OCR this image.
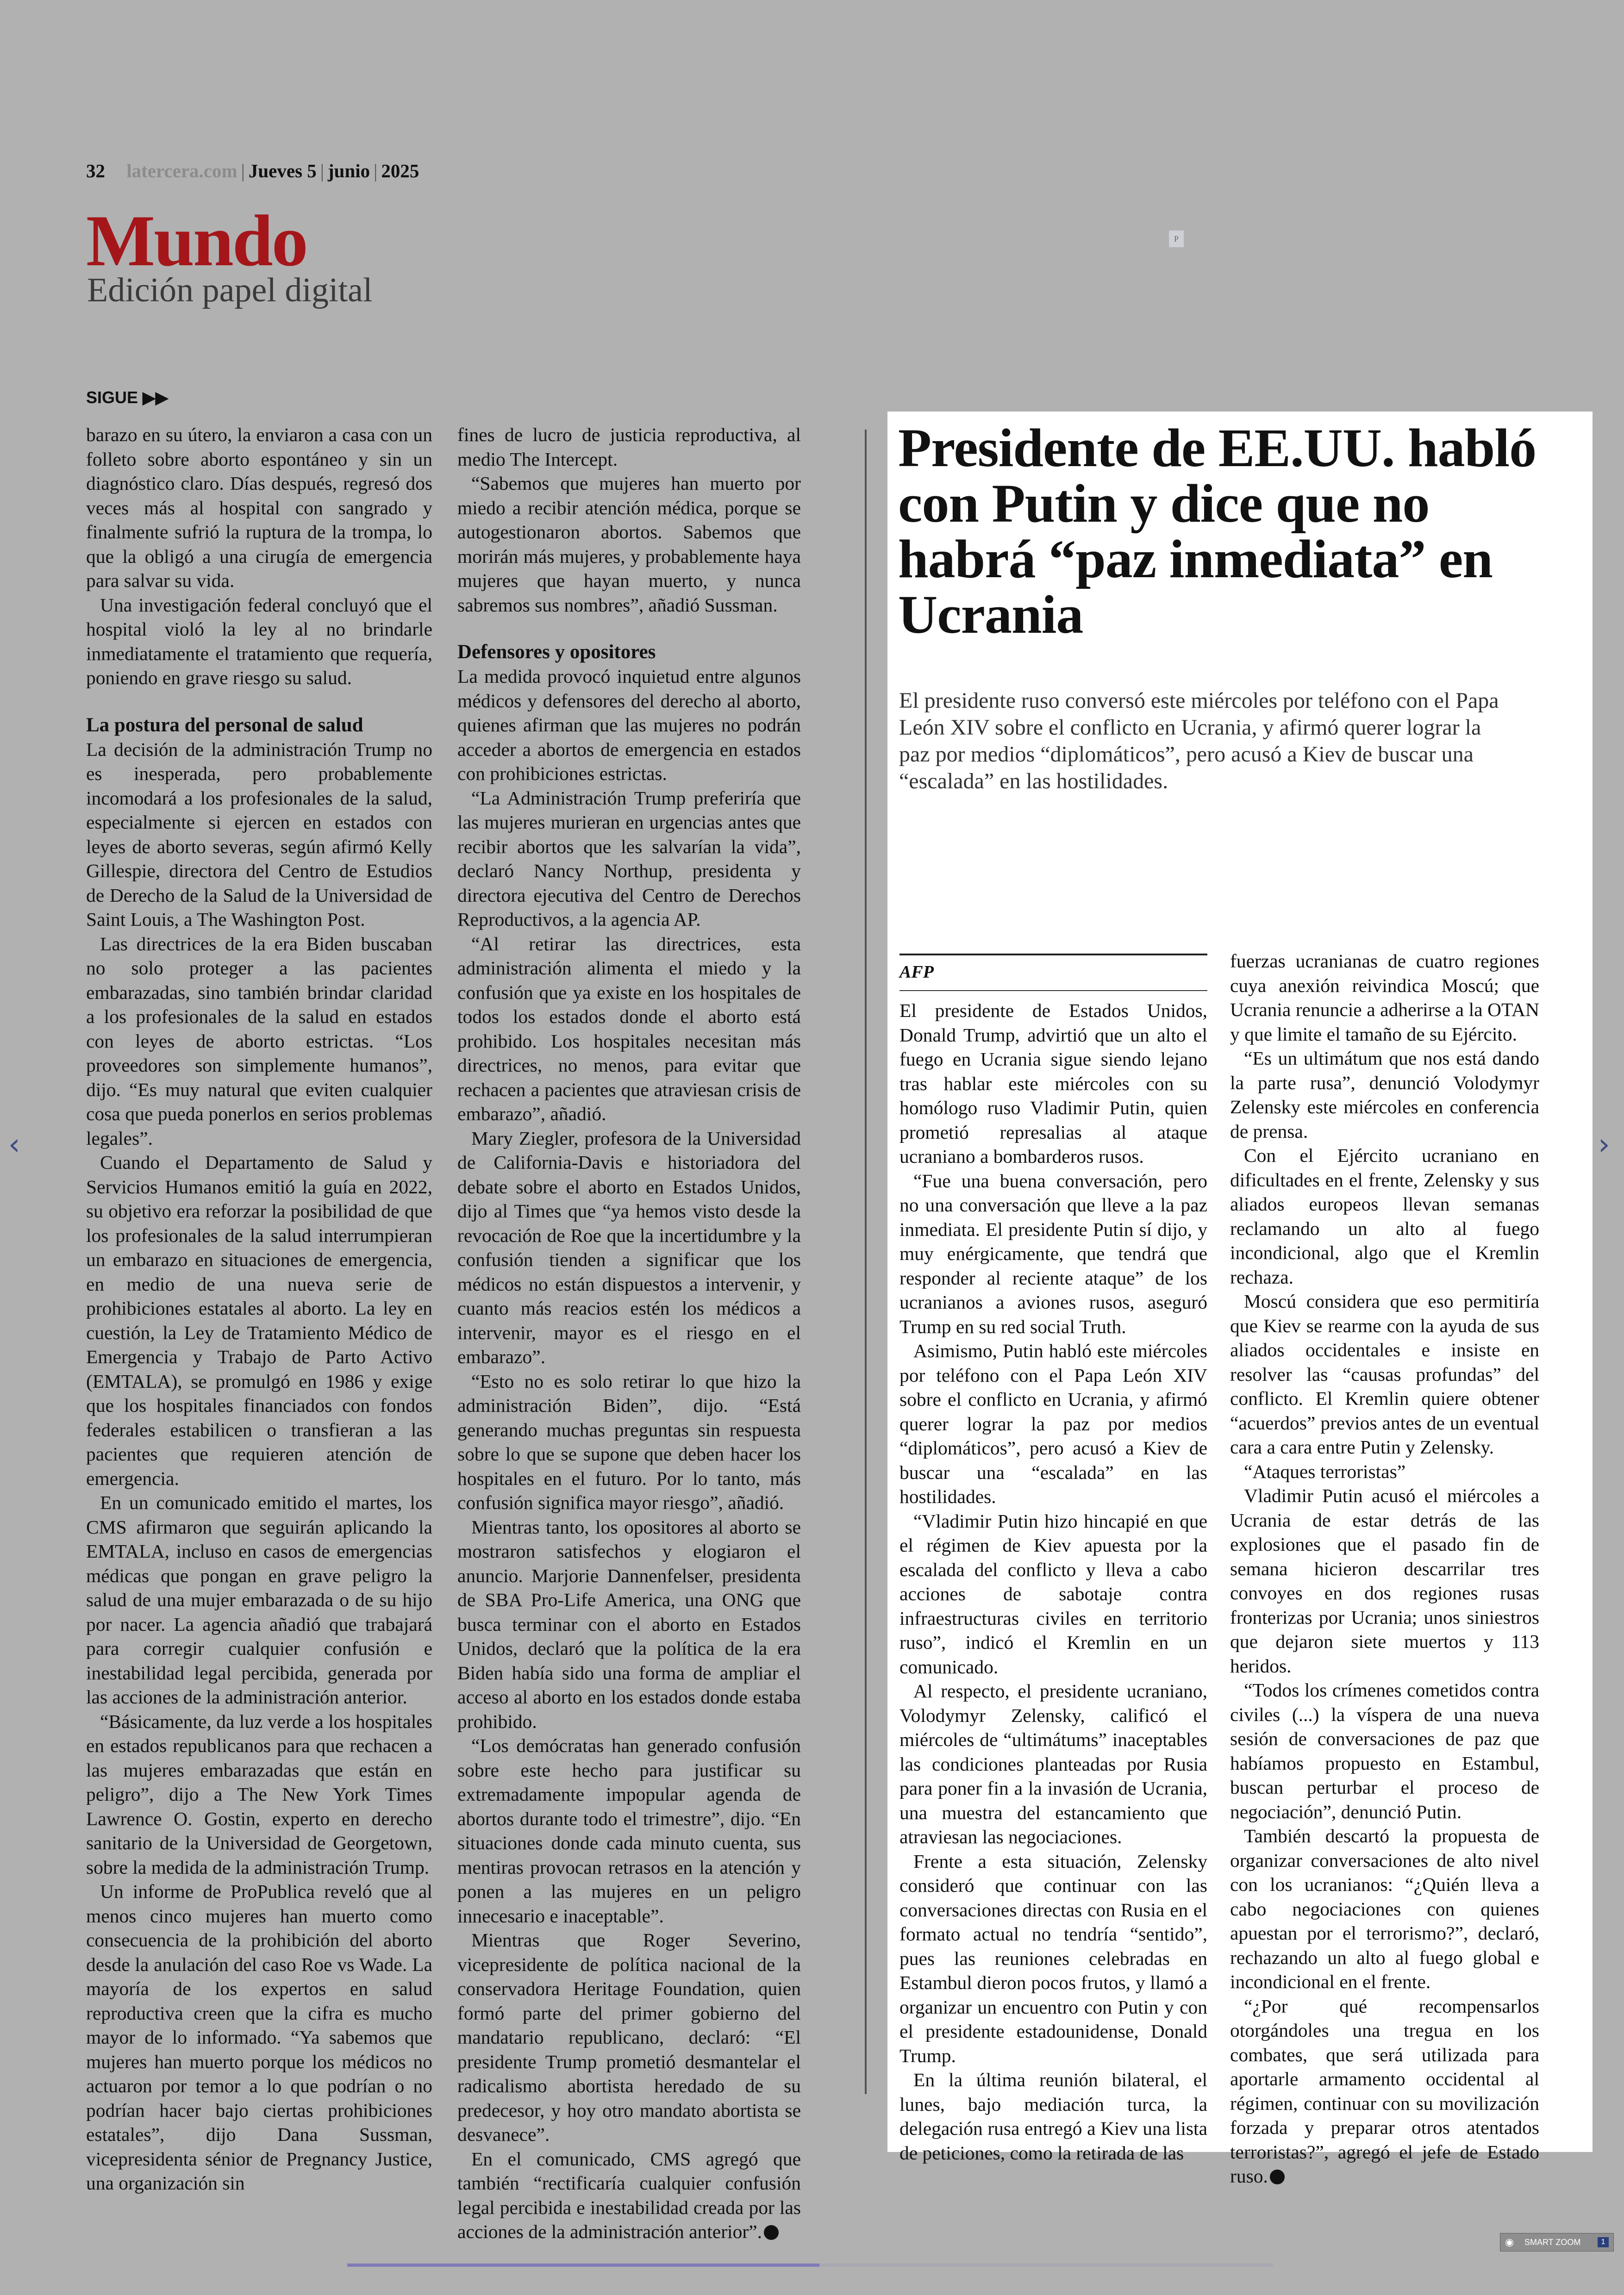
32 latercera.com | Jueves 5 | junio | 2025
Mundo
Edición papel digital
P
SIGUE ▶▶

barazo en su útero, la enviaron a casa con un folleto sobre aborto espontáneo y sin un diagnóstico claro. Días después, regresó dos veces más al hospital con sangrado y finalmente sufrió la ruptura de la trompa, lo que la obligó a una cirugía de emergencia para salvar su vida.

Una investigación federal concluyó que el hospital violó la ley al no brindarle inmediatamente el tratamiento que requería, poniendo en grave riesgo su salud.

La postura del personal de salud

La decisión de la administración Trump no es inesperada, pero probablemente incomodará a los profesionales de la salud, especialmente si ejercen en estados con leyes de aborto severas, según afirmó Kelly Gillespie, directora del Centro de Estudios de Derecho de la Salud de la Universidad de Saint Louis, a The Washington Post.

Las directrices de la era Biden buscaban no solo proteger a las pacientes embarazadas, sino también brindar claridad a los profesionales de la salud en estados con leyes de aborto estrictas. “Los proveedores son simplemente humanos”, dijo. “Es muy natural que eviten cualquier cosa que pueda ponerlos en serios problemas legales”.

Cuando el Departamento de Salud y Servicios Humanos emitió la guía en 2022, su objetivo era reforzar la posibilidad de que los profesionales de la salud interrumpieran un embarazo en situaciones de emergencia, en medio de una nueva serie de prohibiciones estatales al aborto. La ley en cuestión, la Ley de Tratamiento Médico de Emergencia y Trabajo de Parto Activo (EMTALA), se promulgó en 1986 y exige que los hospitales financiados con fondos federales estabilicen o transfieran a las pacientes que requieren atención de emergencia.

En un comunicado emitido el martes, los CMS afirmaron que seguirán aplicando la EMTALA, incluso en casos de emergencias médicas que pongan en grave peligro la salud de una mujer embarazada o de su hijo por nacer. La agencia añadió que trabajará para corregir cualquier confusión e inestabilidad legal percibida, generada por las acciones de la administración anterior.

“Básicamente, da luz verde a los hospitales en estados republicanos para que rechacen a las mujeres embarazadas que están en peligro”, dijo a The New York Times Lawrence O. Gostin, experto en derecho sanitario de la Universidad de Georgetown, sobre la medida de la administración Trump.

Un informe de ProPublica reveló que al menos cinco mujeres han muerto como consecuencia de la prohibición del aborto desde la anulación del caso Roe vs Wade. La mayoría de los expertos en salud reproductiva creen que la cifra es mucho mayor de lo informado. “Ya sabemos que mujeres han muerto porque los médicos no actuaron por temor a lo que podrían o no podrían hacer bajo ciertas prohibiciones estatales”, dijo Dana Sussman, vicepresidenta sénior de Pregnancy Justice, una organización sin

fines de lucro de justicia reproductiva, al medio The Intercept.

“Sabemos que mujeres han muerto por miedo a recibir atención médica, porque se autogestionaron abortos. Sabemos que morirán más mujeres, y probablemente haya mujeres que hayan muerto, y nunca sabremos sus nombres”, añadió Sussman.

Defensores y opositores

La medida provocó inquietud entre algunos médicos y defensores del derecho al aborto, quienes afirman que las mujeres no podrán acceder a abortos de emergencia en estados con prohibiciones estrictas.

“La Administración Trump preferiría que las mujeres murieran en urgencias antes que recibir abortos que les salvarían la vida”, declaró Nancy Northup, presidenta y directora ejecutiva del Centro de Derechos Reproductivos, a la agencia AP.

“Al retirar las directrices, esta administración alimenta el miedo y la confusión que ya existe en los hospitales de todos los estados donde el aborto está prohibido. Los hospitales necesitan más directrices, no menos, para evitar que rechacen a pacientes que atraviesan crisis de embarazo”, añadió.

Mary Ziegler, profesora de la Universidad de California-Davis e historiadora del debate sobre el aborto en Estados Unidos, dijo al Times que “ya hemos visto desde la revocación de Roe que la incertidumbre y la confusión tienden a significar que los médicos no están dispuestos a intervenir, y cuanto más reacios estén los médicos a intervenir, mayor es el riesgo en el embarazo”.

“Esto no es solo retirar lo que hizo la administración Biden”, dijo. “Está generando muchas preguntas sin respuesta sobre lo que se supone que deben hacer los hospitales en el futuro. Por lo tanto, más confusión significa mayor riesgo”, añadió.

Mientras tanto, los opositores al aborto se mostraron satisfechos y elogiaron el anuncio. Marjorie Dannenfelser, presidenta de SBA Pro-Life America, una ONG que busca terminar con el aborto en Estados Unidos, declaró que la política de la era Biden había sido una forma de ampliar el acceso al aborto en los estados donde estaba prohibido.

“Los demócratas han generado confusión sobre este hecho para justificar su extremadamente impopular agenda de abortos durante todo el trimestre”, dijo. “En situaciones donde cada minuto cuenta, sus mentiras provocan retrasos en la atención y ponen a las mujeres en un peligro innecesario e inaceptable”.

Mientras que Roger Severino, vicepresidente de política nacional de la conservadora Heritage Foundation, quien formó parte del primer gobierno del mandatario republicano, declaró: “El presidente Trump prometió desmantelar el radicalismo abortista heredado de su predecesor, y hoy otro mandato abortista se desvanece”.

En el comunicado, CMS agregó que también “rectificaría cualquier confusión legal percibida e inestabilidad creada por las acciones de la administración anterior”.

Presidente de EE.UU. habló con Putin y dice que no habrá “paz inmediata” en Ucrania
El presidente ruso conversó este miércoles por teléfono con el Papa León XIV sobre el conflicto en Ucrania, y afirmó querer lograr la paz por medios “diplomáticos”, pero acusó a Kiev de buscar una “escalada” en las hostilidades.
AFP

El presidente de Estados Unidos, Donald Trump, advirtió que un alto el fuego en Ucrania sigue siendo lejano tras hablar este miércoles con su homólogo ruso Vladimir Putin, quien prometió represalias al ataque ucraniano a bombarderos rusos.

“Fue una buena conversación, pero no una conversación que lleve a la paz inmediata. El presidente Putin sí dijo, y muy enérgicamente, que tendrá que responder al reciente ataque” de los ucranianos a aviones rusos, aseguró Trump en su red social Truth.

Asimismo, Putin habló este miércoles por teléfono con el Papa León XIV sobre el conflicto en Ucrania, y afirmó querer lograr la paz por medios “diplomáticos”, pero acusó a Kiev de buscar una “escalada” en las hostilidades.

“Vladimir Putin hizo hincapié en que el régimen de Kiev apuesta por la escalada del conflicto y lleva a cabo acciones de sabotaje contra infraestructuras civiles en territorio ruso”, indicó el Kremlin en un comunicado.

Al respecto, el presidente ucraniano, Volodymyr Zelensky, calificó el miércoles de “ultimátums” inaceptables las condiciones planteadas por Rusia para poner fin a la invasión de Ucrania, una muestra del estancamiento que atraviesan las negociaciones.

Frente a esta situación, Zelensky consideró que continuar con las conversaciones directas con Rusia en el formato actual no tendría “sentido”, pues las reuniones celebradas en Estambul dieron pocos frutos, y llamó a organizar un encuentro con Putin y con el presidente estadounidense, Donald Trump.

En la última reunión bilateral, el lunes, bajo mediación turca, la delegación rusa entregó a Kiev una lista de peticiones, como la retirada de las

fuerzas ucranianas de cuatro regiones cuya anexión reivindica Moscú; que Ucrania renuncie a adherirse a la OTAN y que limite el tamaño de su Ejército.

“Es un ultimátum que nos está dando la parte rusa”, denunció Volodymyr Zelensky este miércoles en conferencia de prensa.

Con el Ejército ucraniano en dificultades en el frente, Zelensky y sus aliados europeos llevan semanas reclamando un alto al fuego incondicional, algo que el Kremlin rechaza.

Moscú considera que eso permitiría que Kiev se rearme con la ayuda de sus aliados occidentales e insiste en resolver las “causas profundas” del conflicto. El Kremlin quiere obtener “acuerdos” previos antes de un eventual cara a cara entre Putin y Zelensky.

“Ataques terroristas”

Vladimir Putin acusó el miércoles a Ucrania de estar detrás de las explosiones que el pasado fin de semana hicieron descarrilar tres convoyes en dos regiones rusas fronterizas por Ucrania; unos siniestros que dejaron siete muertos y 113 heridos.

“Todos los crímenes cometidos contra civiles (...) la víspera de una nueva sesión de conversaciones de paz que habíamos propuesto en Estambul, buscan perturbar el proceso de negociación”, denunció Putin.

También descartó la propuesta de organizar conversaciones de alto nivel con los ucranianos: “¿Quién lleva a cabo negociaciones con quienes apuestan por el terrorismo?”, declaró, rechazando un alto al fuego global e incondicional en el frente.

“¿Por qué recompensarlos otorgándoles una tregua en los combates, que será utilizada para aportarle armamento occidental al régimen, continuar con su movilización forzada y preparar otros atentados terroristas?”, agregó el jefe de Estado ruso.

‹	›
◉ SMART ZOOM	1
